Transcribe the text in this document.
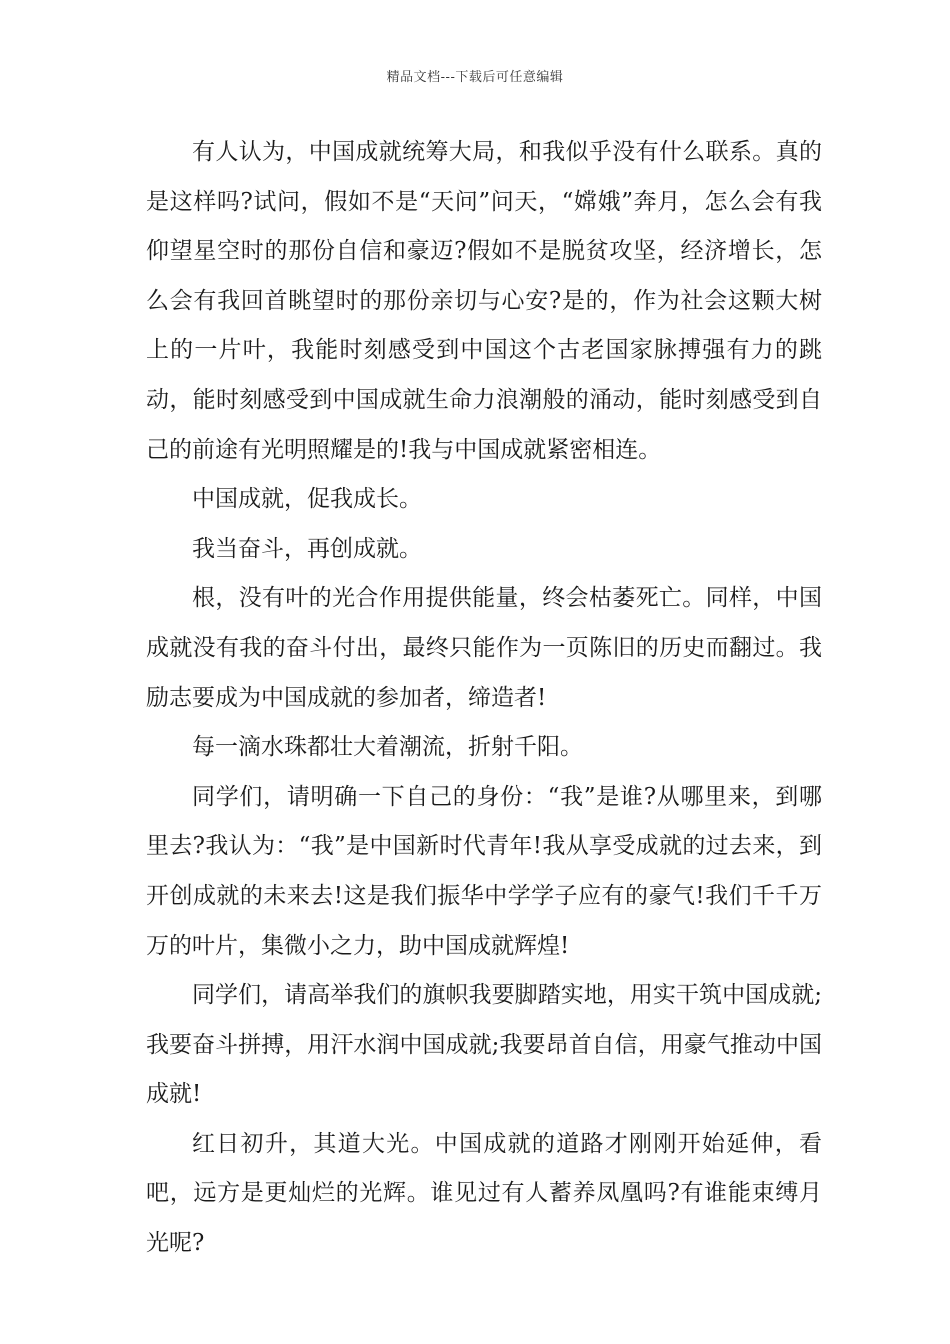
精品文档---下载后可任意编辑

有人认为，中国成就统筹大局，和我似乎没有什么联系。真的是这样吗?试问，假如不是“天问”问天，“嫦娥”奔月，怎么会有我仰望星空时的那份自信和豪迈?假如不是脱贫攻坚，经济增长，怎么会有我回首眺望时的那份亲切与心安?是的，作为社会这颗大树上的一片叶，我能时刻感受到中国这个古老国家脉搏强有力的跳动，能时刻感受到中国成就生命力浪潮般的涌动，能时刻感受到自己的前途有光明照耀是的!我与中国成就紧密相连。

中国成就，促我成长。

我当奋斗，再创成就。

根，没有叶的光合作用提供能量，终会枯萎死亡。同样，中国成就没有我的奋斗付出，最终只能作为一页陈旧的历史而翻过。我励志要成为中国成就的参加者，缔造者!

每一滴水珠都壮大着潮流，折射千阳。

同学们，请明确一下自己的身份：“我”是谁?从哪里来，到哪里去?我认为：“我”是中国新时代青年!我从享受成就的过去来，到开创成就的未来去!这是我们振华中学学子应有的豪气!我们千千万万的叶片，集微小之力，助中国成就辉煌!

同学们，请高举我们的旗帜我要脚踏实地，用实干筑中国成就;我要奋斗拼搏，用汗水润中国成就;我要昂首自信，用豪气推动中国成就!

红日初升，其道大光。中国成就的道路才刚刚开始延伸，看吧，远方是更灿烂的光辉。谁见过有人蓄养凤凰吗?有谁能束缚月光呢?
